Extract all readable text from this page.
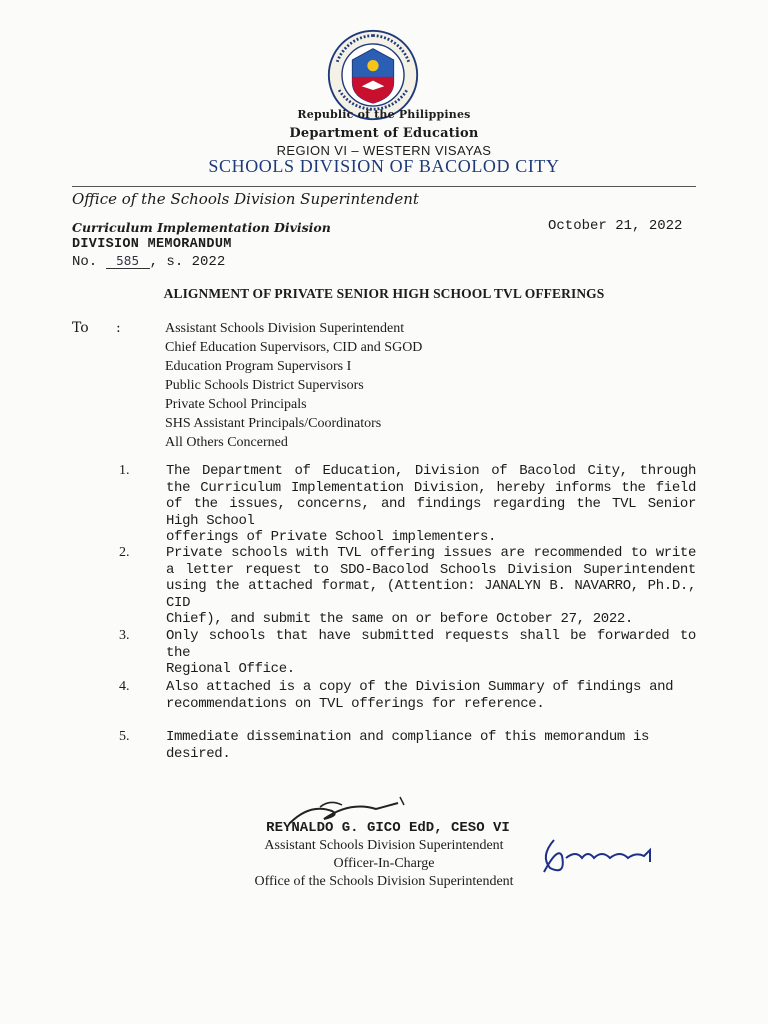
Republic of the Philippines
Department of Education
REGION VI – WESTERN VISAYAS
SCHOOLS DIVISION OF BACOLOD CITY
Office of the Schools Division Superintendent
Curriculum Implementation Division	October 21, 2022
DIVISION MEMORANDUM
No. 585 , s. 2022
ALIGNMENT OF PRIVATE SENIOR HIGH SCHOOL TVL OFFERINGS
To :	Assistant Schools Division Superintendent
Chief Education Supervisors, CID and SGOD
Education Program Supervisors I
Public Schools District Supervisors
Private School Principals
SHS Assistant Principals/Coordinators
All Others Concerned
1.	The Department of Education, Division of Bacolod City, through the Curriculum Implementation Division, hereby informs the field of the issues, concerns, and findings regarding the TVL Senior High School
offerings of Private School implementers.
2.	Private schools with TVL offering issues are recommended to write a letter request to SDO-Bacolod Schools Division Superintendent using the attached format, (Attention: JANALYN B. NAVARRO, Ph.D., CID
Chief), and submit the same on or before October 27, 2022.
3.	Only schools that have submitted requests shall be forwarded to the
Regional Office.
4.	Also attached is a copy of the Division Summary of findings and
recommendations on TVL offerings for reference.
5.	Immediate dissemination and compliance of this memorandum is
desired.
REYNALDO G. GICO EdD, CESO VI
Assistant Schools Division Superintendent
Officer-In-Charge
Office of the Schools Division Superintendent
